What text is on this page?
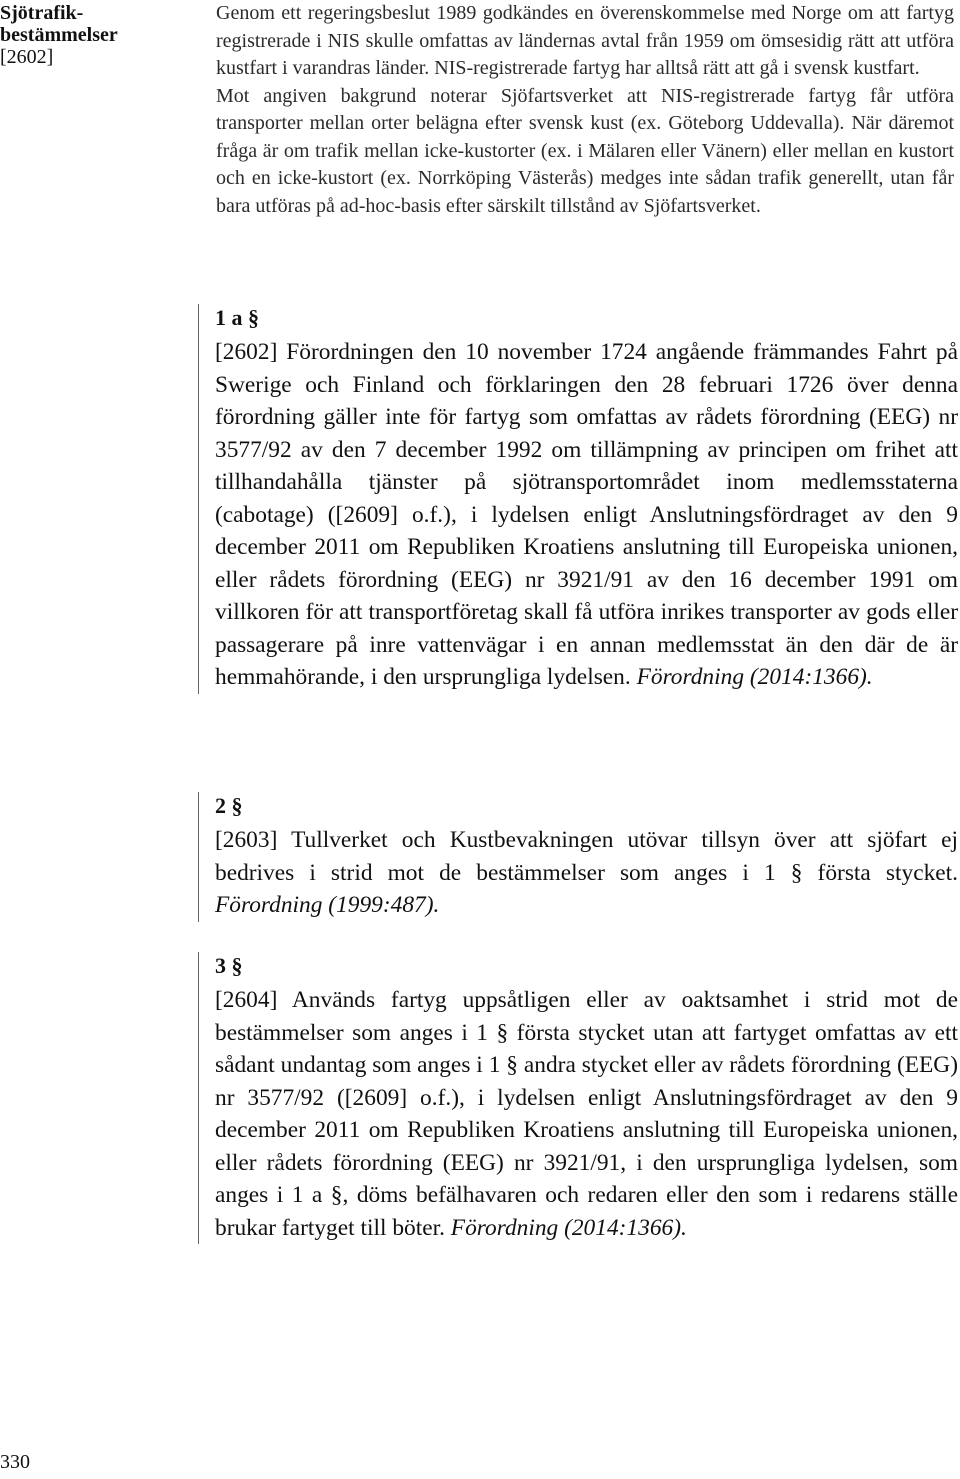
Sjötrafik-
bestämmelser
[2602]

Genom ett regeringsbeslut 1989 godkändes en överenskommelse med Norge om att fartyg registrerade i NIS skulle omfattas av ländernas avtal från 1959 om ömsesidig rätt att utföra kustfart i varandras länder. NIS-registrerade fartyg har alltså rätt att gå i svensk kustfart.

Mot angiven bakgrund noterar Sjöfartsverket att NIS-registrerade fartyg får utföra transporter mellan orter belägna efter svensk kust (ex. Göteborg Uddevalla). När däremot fråga är om trafik mellan icke-kustorter (ex. i Mälaren eller Vänern) eller mellan en kustort och en icke-kustort (ex. Norrköping Västerås) medges inte sådan trafik generellt, utan får bara utföras på ad-hoc-basis efter särskilt tillstånd av Sjöfartsverket.

1 a §
[2602] Förordningen den 10 november 1724 angående främmandes Fahrt på Swerige och Finland och förklaringen den 28 februari 1726 över denna förordning gäller inte för fartyg som omfattas av rådets förordning (EEG) nr 3577/92 av den 7 december 1992 om tillämpning av principen om frihet att tillhandahålla tjänster på sjötransportområdet inom medlemsstaterna (cabotage) ([2609] o.f.), i lydelsen enligt Anslutningsfördraget av den 9 december 2011 om Republiken Kroatiens anslutning till Europeiska unionen, eller rådets förordning (EEG) nr 3921/91 av den 16 december 1991 om villkoren för att transportföretag skall få utföra inrikes transporter av gods eller passagerare på inre vattenvägar i en annan medlemsstat än den där de är hemmahörande, i den ursprungliga lydelsen. Förordning (2014:1366).
2 §
[2603] Tullverket och Kustbevakningen utövar tillsyn över att sjöfart ej bedrives i strid mot de bestämmelser som anges i 1 § första stycket. Förordning (1999:487).
3 §
[2604] Används fartyg uppsåtligen eller av oaktsamhet i strid mot de bestämmelser som anges i 1 § första stycket utan att fartyget omfattas av ett sådant undantag som anges i 1 § andra stycket eller av rådets förordning (EEG) nr 3577/92 ([2609] o.f.), i lydelsen enligt Anslutningsfördraget av den 9 december 2011 om Republiken Kroatiens anslutning till Europeiska unionen, eller rådets förordning (EEG) nr 3921/91, i den ursprungliga lydelsen, som anges i 1 a §, döms befälhavaren och redaren eller den som i redarens ställe brukar fartyget till böter. Förordning (2014:1366).
330
